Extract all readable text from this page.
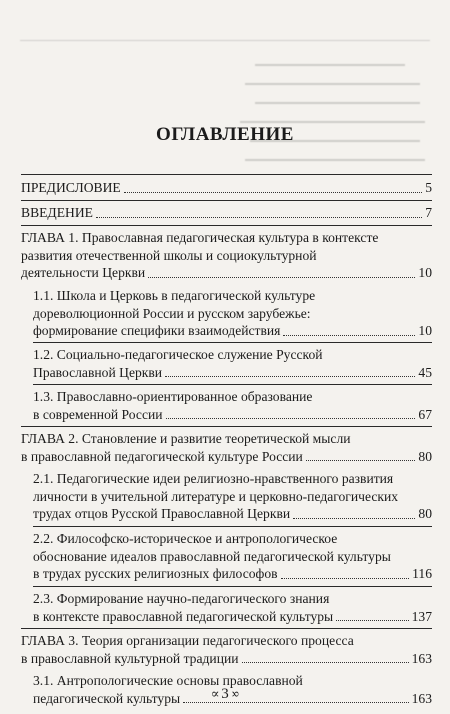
ОГЛАВЛЕНИЕ
ПРЕДИСЛОВИЕ	5
ВВЕДЕНИЕ	7
ГЛАВА 1. Православная педагогическая культура в контексте
развития отечественной школы и социокультурной
деятельности Церкви	10
1.1. Школа и Церковь в педагогической культуре
дореволюционной России и русском зарубежье:
формирование специфики взаимодействия	10
1.2. Социально-педагогическое служение Русской
Православной Церкви	45
1.3. Православно-ориентированное образование
в современной России	67
ГЛАВА 2. Становление и развитие теоретической мысли
в православной педагогической культуре России	80
2.1. Педагогические идеи религиозно-нравственного развития
личности в учительной литературе и церковно-педагогических
трудах отцов Русской Православной Церкви	80
2.2. Философско-историческое и антропологическое
обоснование идеалов православной педагогической культуры
в трудах русских религиозных философов	116
2.3. Формирование научно-педагогического знания
в контексте православной педагогической культуры	137
ГЛАВА 3. Теория организации педагогического процесса
в православной культурной традиции	163
3.1. Антропологические основы православной
педагогической культуры	163
∝ 3 ∝
